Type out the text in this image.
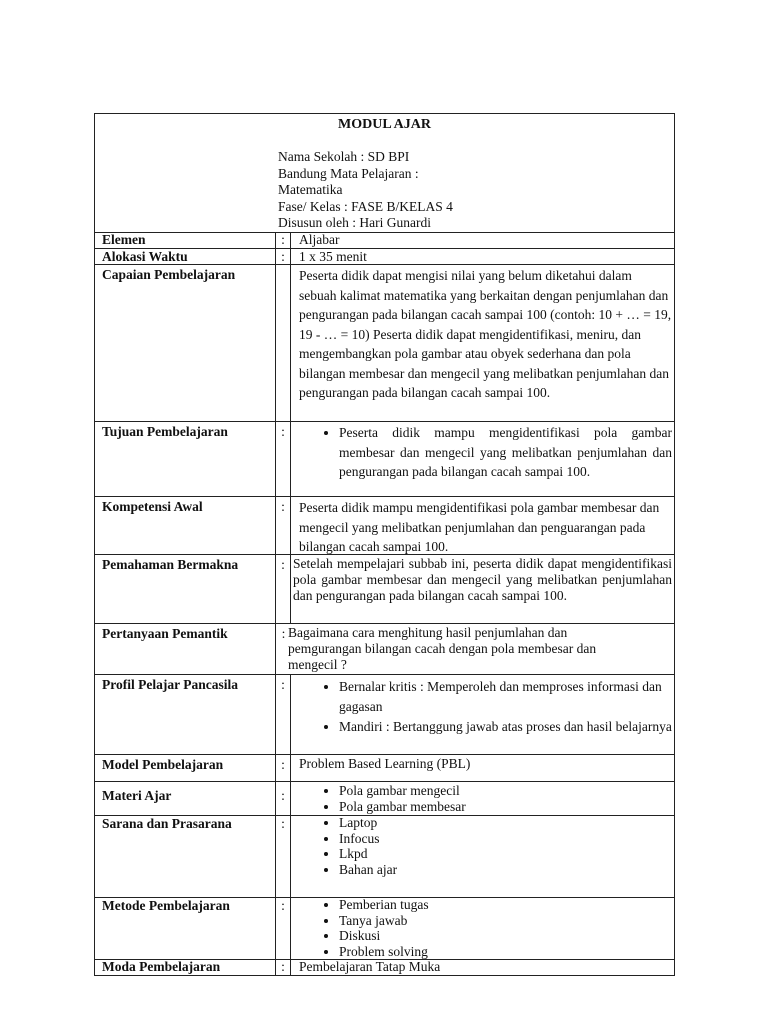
MODUL AJAR
Nama Sekolah : SD BPI
Bandung Mata Pelajaran :
Matematika
Fase/ Kelas : FASE B/KELAS 4
Disusun oleh : Hari Gunardi
Elemen	:	Aljabar
Alokasi Waktu	:	1 x 35 menit
Capaian Pembelajaran	Peserta didik dapat mengisi nilai yang belum diketahui dalam sebuah kalimat matematika yang berkaitan dengan penjumlahan dan pengurangan pada bilangan cacah sampai 100 (contoh: 10 + … = 19, 19 - … = 10) Peserta didik dapat mengidentifikasi, meniru, dan mengembangkan pola gambar atau obyek sederhana dan pola bilangan membesar dan mengecil yang melibatkan penjumlahan dan pengurangan pada bilangan cacah sampai 100.
Tujuan Pembelajaran	:	• Peserta didik mampu mengidentifikasi pola gambar membesar dan mengecil yang melibatkan penjumlahan dan pengurangan pada bilangan cacah sampai 100.
Kompetensi Awal	:	Peserta didik mampu mengidentifikasi pola gambar membesar dan mengecil yang melibatkan penjumlahan dan penguarangan pada bilangan cacah sampai 100.
Pemahaman Bermakna	: Setelah mempelajari subbab ini, peserta didik dapat mengidentifikasi pola gambar membesar dan mengecil yang melibatkan penjumlahan dan pengurangan pada bilangan cacah sampai 100.
Pertanyaan Pemantik	: Bagaimana cara menghitung hasil penjumlahan dan pemgurangan bilangan cacah dengan pola membesar dan mengecil ?
Profil Pelajar Pancasila	:	• Bernalar kritis : Memperoleh dan memproses informasi dan gagasan
• Mandiri : Bertanggung jawab atas proses dan hasil belajarnya
Model Pembelajaran	:	Problem Based Learning (PBL)
Materi Ajar	:	• Pola gambar mengecil
• Pola gambar membesar
Sarana dan Prasarana	:	• Laptop
• Infocus
• Lkpd
• Bahan ajar
Metode Pembelajaran	:	• Pemberian tugas
• Tanya jawab
• Diskusi
• Problem solving
Moda Pembelajaran	:	Pembelajaran Tatap Muka
